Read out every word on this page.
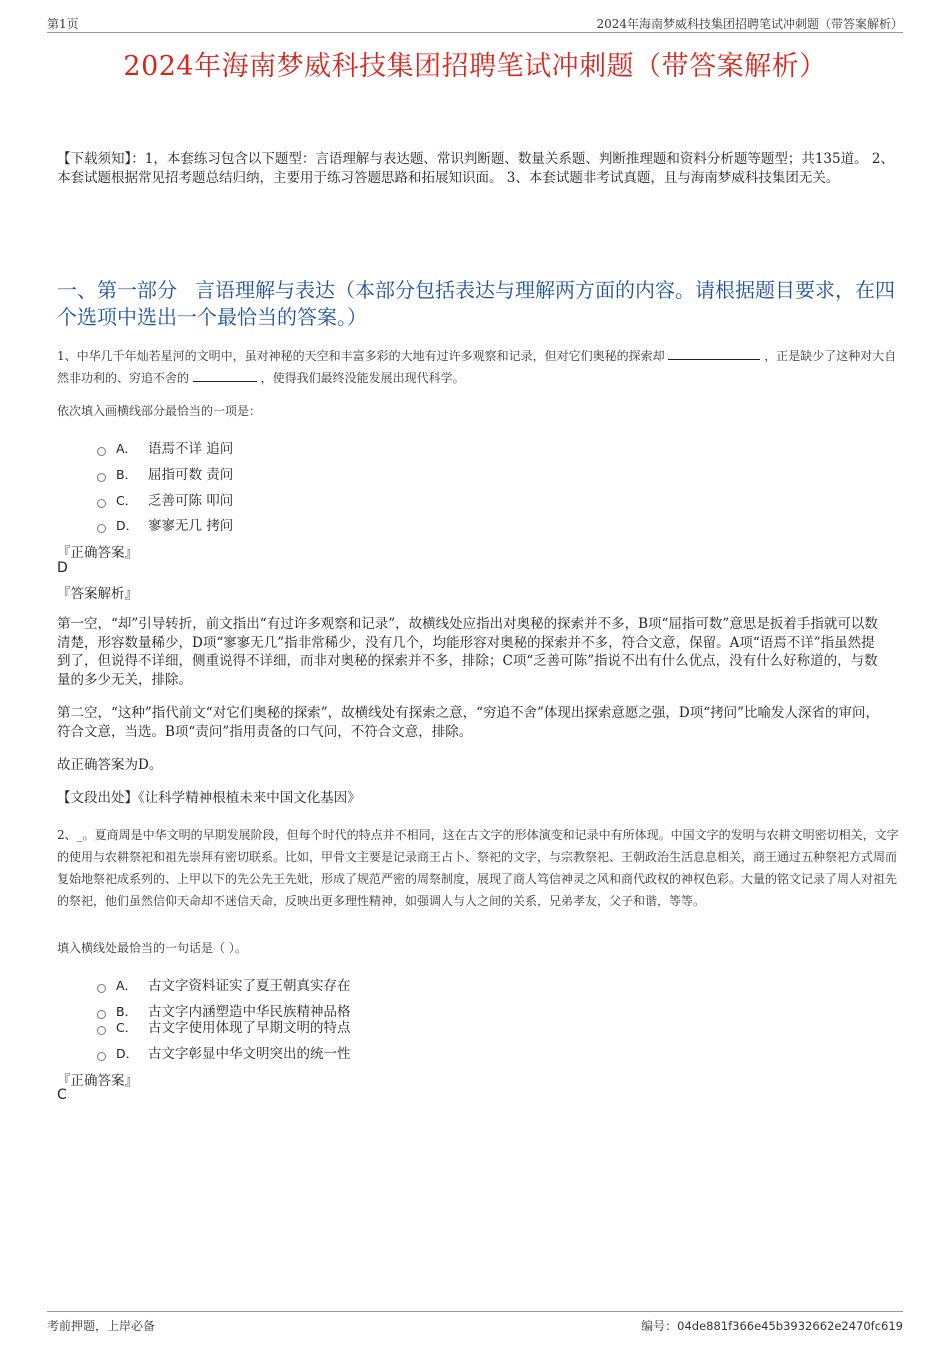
第1页	2024年海南梦威科技集团招聘笔试冲刺题（带答案解析）
2024年海南梦威科技集团招聘笔试冲刺题（带答案解析）
【下载须知】：1，本套练习包含以下题型：言语理解与表达题、常识判断题、数量关系题、判断推理题和资料分析题等题型；共135道。 2、本套试题根据常见招考题总结归纳，主要用于练习答题思路和拓展知识面。 3、本套试题非考试真题，且与海南梦威科技集团无关。
一、第一部分 言语理解与表达（本部分包括表达与理解两方面的内容。请根据题目要求，在四个选项中选出一个最恰当的答案。）
1、中华几千年灿若星河的文明中，虽对神秘的天空和丰富多彩的大地有过许多观察和记录，但对它们奥秘的探索却	，正是缺少了这种对大自然非功利的、穷追不舍的	，使得我们最终没能发展出现代科学。
依次填入画横线部分最恰当的一项是：
A． 语焉不详 追问
B． 屈指可数 责问
C． 乏善可陈 叩问
D． 寥寥无几 拷问
『正确答案』
D
『答案解析』
第一空，“却”引导转折，前文指出“有过许多观察和记录”，故横线处应指出对奥秘的探索并不多，B项“屈指可数”意思是扳着手指就可以数清楚，形容数量稀少，D项“寥寥无几”指非常稀少，没有几个，均能形容对奥秘的探索并不多，符合文意，保留。A项“语焉不详”指虽然提到了，但说得不详细，侧重说得不详细，而非对奥秘的探索并不多，排除；C项“乏善可陈”指说不出有什么优点，没有什么好称道的，与数量的多少无关，排除。
第二空，“这种”指代前文“对它们奥秘的探索”，故横线处有探索之意，“穷追不舍”体现出探索意愿之强，D项“拷问”比喻发人深省的审问，符合文意，当选。B项“责问”指用责备的口气问，不符合文意，排除。
故正确答案为D。
【文段出处】《让科学精神根植未来中国文化基因》
2、_。夏商周是中华文明的早期发展阶段，但每个时代的特点并不相同，这在古文字的形体演变和记录中有所体现。中国文字的发明与农耕文明密切相关，文字的使用与农耕祭祀和祖先崇拜有密切联系。比如，甲骨文主要是记录商王占卜、祭祀的文字，与宗教祭祀、王朝政治生活息息相关，商王通过五种祭祀方式周而复始地祭祀成系列的、上甲以下的先公先王先妣，形成了规范严密的周祭制度，展现了商人笃信神灵之风和商代政权的神权色彩。大量的铭文记录了周人对祖先的祭祀，他们虽然信仰天命却不迷信天命，反映出更多理性精神，如强调人与人之间的关系，兄弟孝友，父子和谐，等等。
填入横线处最恰当的一句话是（ ）。
A． 古文字资料证实了夏王朝真实存在
B． 古文字内涵塑造中华民族精神品格
C． 古文字使用体现了早期文明的特点
D． 古文字彰显中华文明突出的统一性
『正确答案』
C
考前押题，上岸必备	编号：04de881f366e45b3932662e2470fc619
